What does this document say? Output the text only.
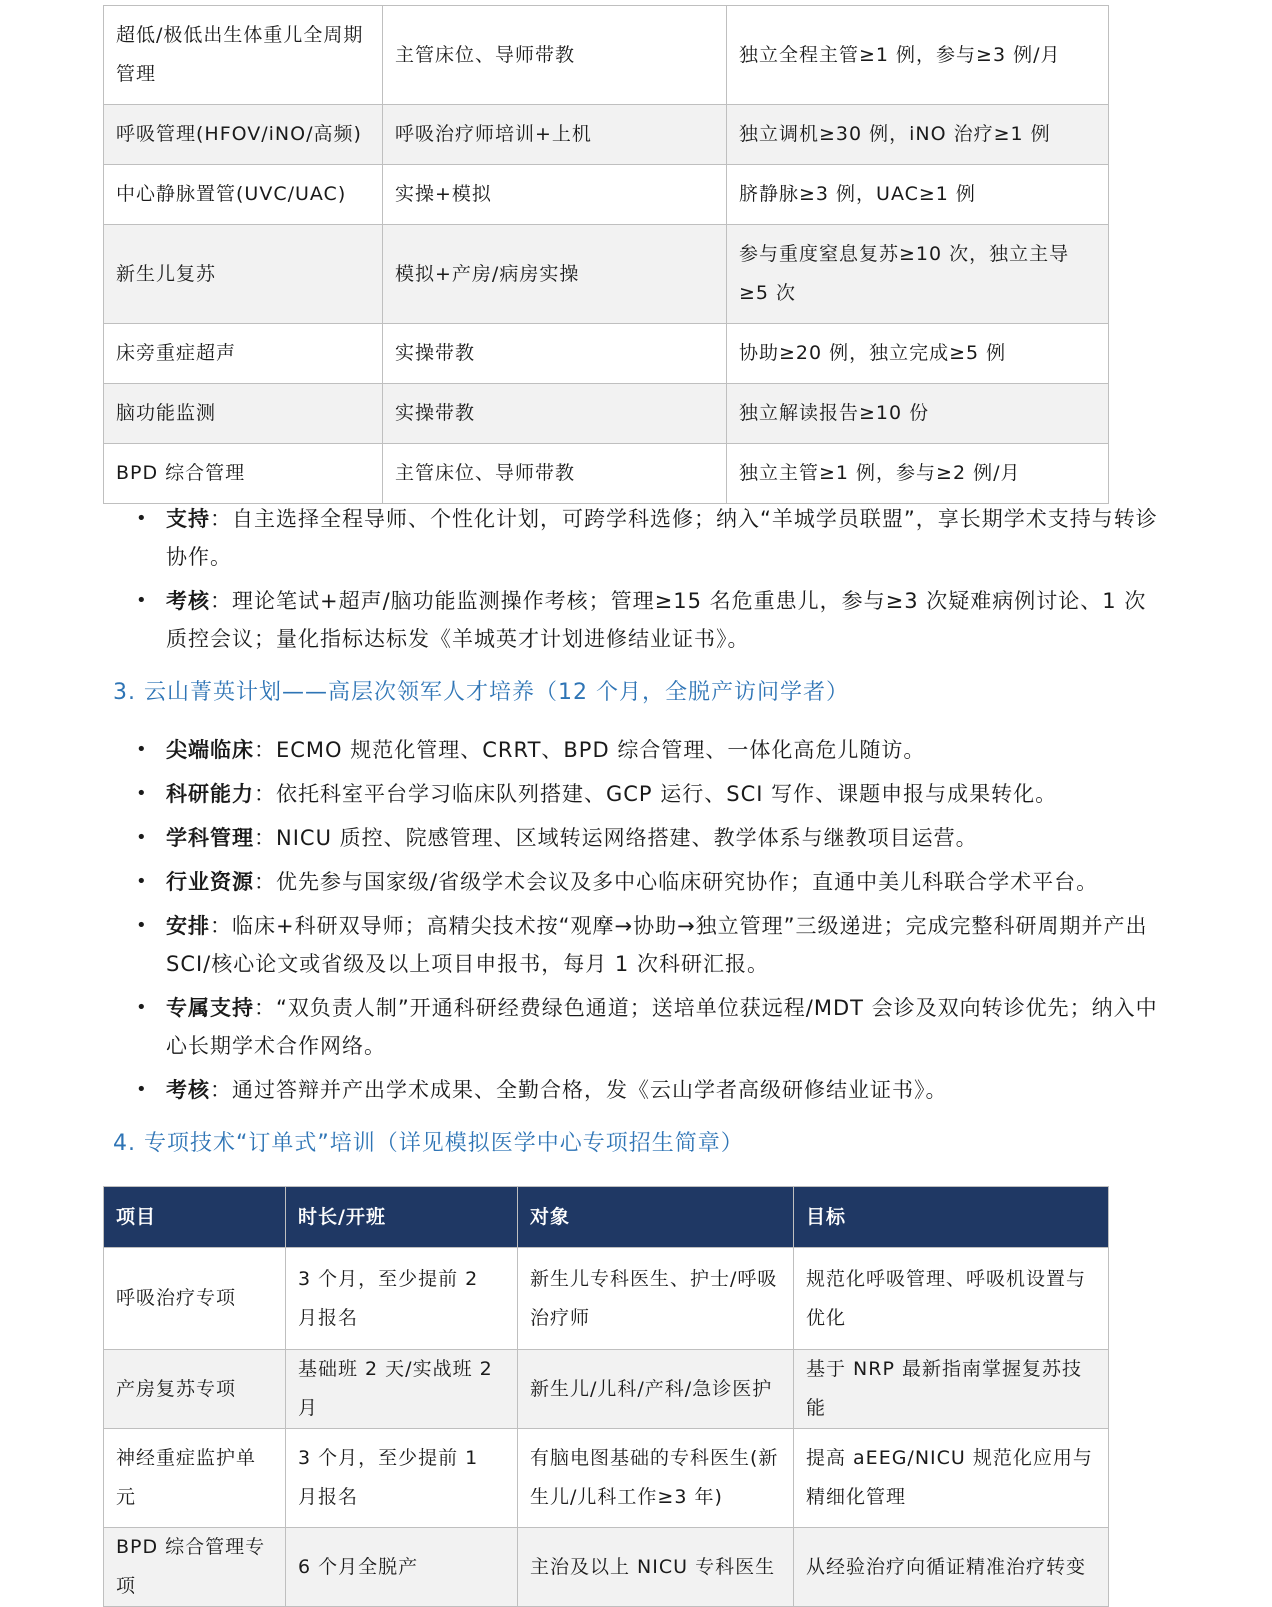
超低/极低出生体重儿全周期管理	主管床位、导师带教	独立全程主管≥1 例，参与≥3 例/月
呼吸管理(HFOV/iNO/高频)	呼吸治疗师培训+上机	独立调机≥30 例，iNO 治疗≥1 例
中心静脉置管(UVC/UAC)	实操+模拟	脐静脉≥3 例，UAC≥1 例
新生儿复苏	模拟+产房/病房实操	参与重度窒息复苏≥10 次，独立主导≥5 次
床旁重症超声	实操带教	协助≥20 例，独立完成≥5 例
脑功能监测	实操带教	独立解读报告≥10 份
BPD 综合管理	主管床位、导师带教	独立主管≥1 例，参与≥2 例/月
• 支持：自主选择全程导师、个性化计划，可跨学科选修；纳入“羊城学员联盟”，享长期学术支持与转诊协作。
• 考核：理论笔试+超声/脑功能监测操作考核；管理≥15 名危重患儿，参与≥3 次疑难病例讨论、1 次质控会议；量化指标达标发《羊城英才计划进修结业证书》。
3. 云山菁英计划——高层次领军人才培养（12 个月，全脱产访问学者）
• 尖端临床：ECMO 规范化管理、CRRT、BPD 综合管理、一体化高危儿随访。
• 科研能力：依托科室平台学习临床队列搭建、GCP 运行、SCI 写作、课题申报与成果转化。
• 学科管理：NICU 质控、院感管理、区域转运网络搭建、教学体系与继教项目运营。
• 行业资源：优先参与国家级/省级学术会议及多中心临床研究协作；直通中美儿科联合学术平台。
• 安排：临床+科研双导师；高精尖技术按“观摩→协助→独立管理”三级递进；完成完整科研周期并产出 SCI/核心论文或省级及以上项目申报书，每月 1 次科研汇报。
• 专属支持：“双负责人制”开通科研经费绿色通道；送培单位获远程/MDT 会诊及双向转诊优先；纳入中心长期学术合作网络。
• 考核：通过答辩并产出学术成果、全勤合格，发《云山学者高级研修结业证书》。
4. 专项技术“订单式”培训（详见模拟医学中心专项招生简章）
项目	时长/开班	对象	目标
呼吸治疗专项	3 个月，至少提前 2 月报名	新生儿专科医生、护士/呼吸治疗师	规范化呼吸管理、呼吸机设置与优化
产房复苏专项	基础班 2 天/实战班 2 月	新生儿/儿科/产科/急诊医护	基于 NRP 最新指南掌握复苏技能
神经重症监护单元	3 个月，至少提前 1 月报名	有脑电图基础的专科医生(新生儿/儿科工作≥3 年)	提高 aEEG/NICU 规范化应用与精细化管理
BPD 综合管理专项	6 个月全脱产	主治及以上 NICU 专科医生	从经验治疗向循证精准治疗转变
